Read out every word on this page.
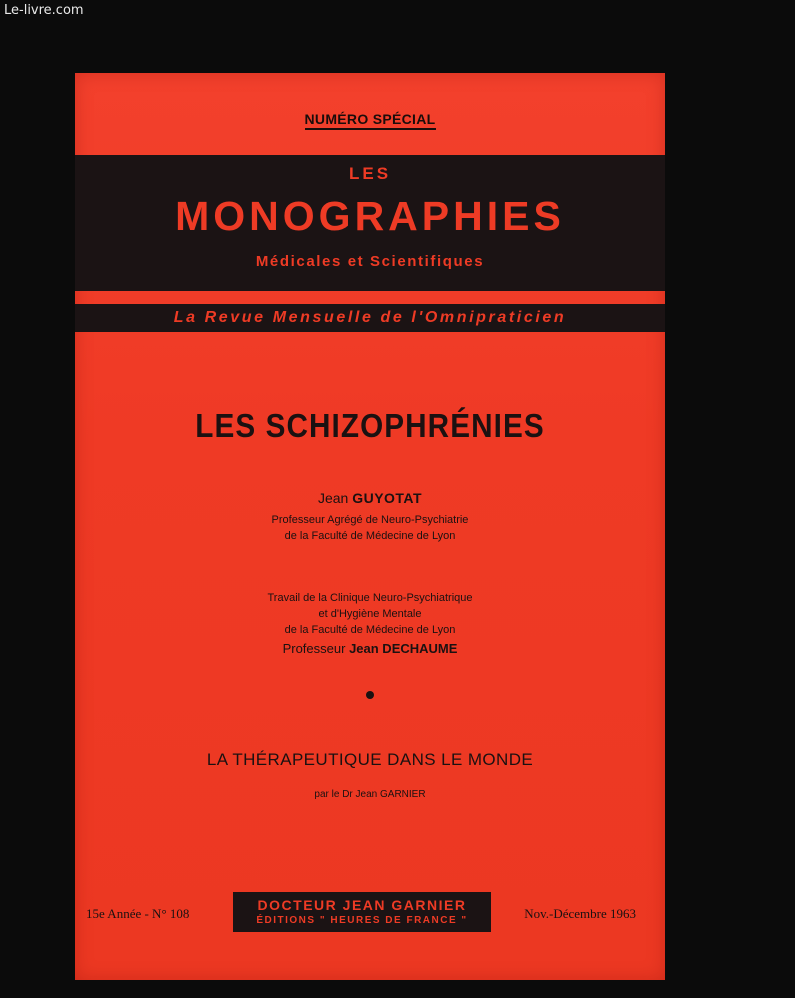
Le-livre.com
NUMÉRO SPÉCIAL
LES
MONOGRAPHIES
Médicales et Scientifiques
La Revue Mensuelle de l'Omnipraticien
LES SCHIZOPHRÉNIES
Jean GUYOTAT
Professeur Agrégé de Neuro-Psychiatrie
de la Faculté de Médecine de Lyon
Travail de la Clinique Neuro-Psychiatrique
et d'Hygiène Mentale
de la Faculté de Médecine de Lyon
Professeur Jean DECHAUME
LA THÉRAPEUTIQUE DANS LE MONDE
par le Dr Jean GARNIER
15e Année - N° 108
DOCTEUR JEAN GARNIER
ÉDITIONS " HEURES DE FRANCE "	Nov.-Décembre 1963
